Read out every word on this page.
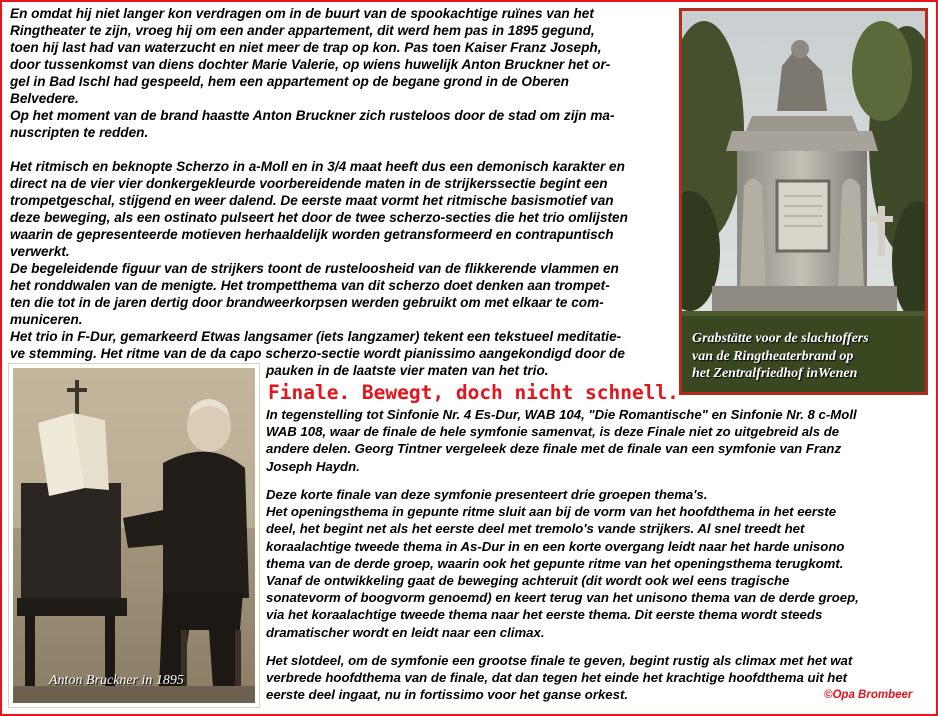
En omdat hij niet langer kon verdragen om in de buurt van de spookachtige ruïnes van het
Ringtheater te zijn, vroeg hij om een ander appartement, dit werd hem pas in 1895 gegund,
toen hij last had van waterzucht en niet meer de trap op kon. Pas toen Kaiser Franz Joseph,
door tussenkomst van diens dochter Marie Valerie, op wiens huwelijk Anton Bruckner het or-
gel in Bad Ischl had gespeeld, hem een appartement op de begane grond in de Oberen
Belvedere.
Op het moment van de brand haastte Anton Bruckner zich rusteloos door de stad om zijn ma-
nuscripten te redden.

Het ritmisch en beknopte Scherzo in a-Moll en in 3/4 maat heeft dus een demonisch karakter en
direct na de vier vier donkergekleurde voorbereidende maten in de strijkerssectie begint een
trompetgeschal, stijgend en weer dalend. De eerste maat vormt het ritmische basismotief van
deze beweging, als een ostinato pulseert het door de twee scherzo-secties die het trio omlijsten
waarin de gepresenteerde motieven herhaaldelijk worden getransformeerd en contrapuntisch
verwerkt.
De begeleidende figuur van de strijkers toont de rusteloosheid van de flikkerende vlammen en
het ronddwalen van de menigte. Het trompetthema van dit scherzo doet denken aan trompet-
ten die tot in de jaren dertig door brandweerkorpsen werden gebruikt om met elkaar te com-
municeren.
Het trio in F-Dur, gemarkeerd Etwas langsamer (iets langzamer) tekent een tekstueel meditatie-
ve stemming. Het ritme van de da capo scherzo-sectie wordt pianissimo aangekondigd door de

pauken in de laatste vier maten van het trio.

Finale. Bewegt, doch nicht schnell.

In tegenstelling tot Sinfonie Nr. 4 Es-Dur, WAB 104, "Die Romantische" en Sinfonie Nr. 8 c-Moll
WAB 108, waar de finale de hele symfonie samenvat, is deze Finale niet zo uitgebreid als de
andere delen. Georg Tintner vergeleek deze finale met de finale van een symfonie van Franz
Joseph Haydn.

Deze korte finale van deze symfonie presenteert drie groepen thema's.
Het openingsthema in gepunte ritme sluit aan bij de vorm van het hoofdthema in het eerste
deel, het begint net als het eerste deel met tremolo's vande strijkers. Al snel treedt het
koraalachtige tweede thema in As-Dur in en een korte overgang leidt naar het harde unisono
thema van de derde groep, waarin ook het gepunte ritme van het openingsthema terugkomt.
Vanaf de ontwikkeling gaat de beweging achteruit (dit wordt ook wel eens tragische
sonatevorm of boogvorm genoemd) en keert terug van het unisono thema van de derde groep,
via het koraalachtige tweede thema naar het eerste thema. Dit eerste thema wordt steeds
dramatischer wordt en leidt naar een climax.

Het slotdeel, om de symfonie een grootse finale te geven, begint rustig als climax met het wat
verbrede hoofdthema van de finale, dat dan tegen het einde het krachtige hoofdthema uit het
eerste deel ingaat, nu in fortissimo voor het ganse orkest.	©Opa Brombeer

Grabstätte voor de slachtoffers
van de Ringtheaterbrand op
het Zentralfriedhof inWenen

Anton Bruckner in 1895
